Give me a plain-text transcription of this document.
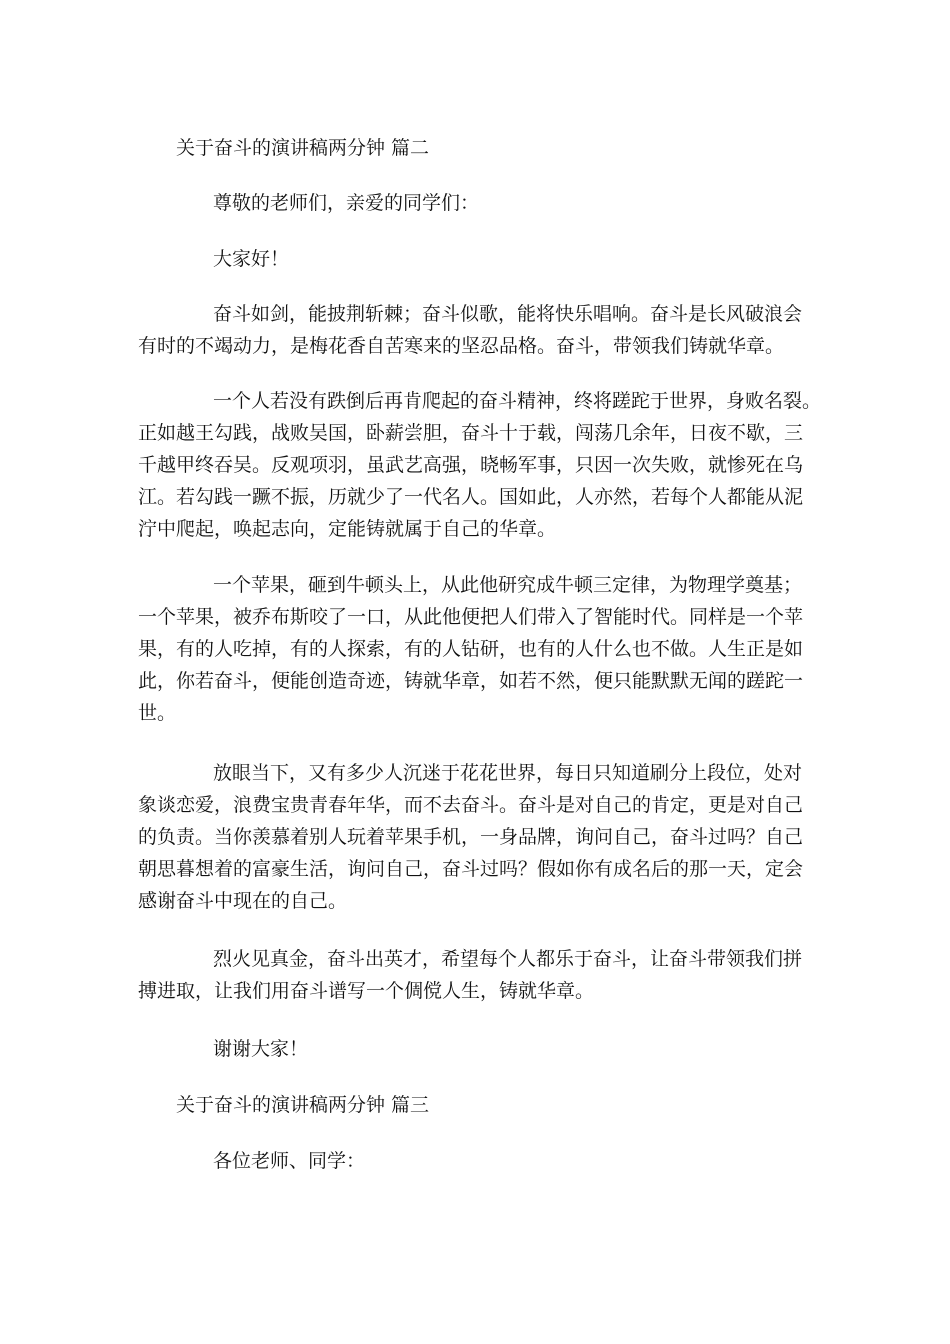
关于奋斗的演讲稿两分钟 篇二

尊敬的老师们，亲爱的同学们：

大家好！

奋斗如剑，能披荆斩棘；奋斗似歌，能将快乐唱响。奋斗是长风破浪会

有时的不竭动力，是梅花香自苦寒来的坚忍品格。奋斗，带领我们铸就华章。

一个人若没有跌倒后再肯爬起的奋斗精神，终将蹉跎于世界，身败名裂。

正如越王勾践，战败吴国，卧薪尝胆，奋斗十于载，闯荡几余年，日夜不歇，三

千越甲终吞吴。反观项羽，虽武艺高强，晓畅军事，只因一次失败，就惨死在乌

江。若勾践一蹶不振，历就少了一代名人。国如此，人亦然，若每个人都能从泥

泞中爬起，唤起志向，定能铸就属于自己的华章。

一个苹果，砸到牛顿头上，从此他研究成牛顿三定律，为物理学奠基；

一个苹果，被乔布斯咬了一口，从此他便把人们带入了智能时代。同样是一个苹

果，有的人吃掉，有的人探索，有的人钻研，也有的人什么也不做。人生正是如

此，你若奋斗，便能创造奇迹，铸就华章，如若不然，便只能默默无闻的蹉跎一

世。

放眼当下，又有多少人沉迷于花花世界，每日只知道刷分上段位，处对

象谈恋爱，浪费宝贵青春年华，而不去奋斗。奋斗是对自己的肯定，更是对自己

的负责。当你羡慕着别人玩着苹果手机，一身品牌，询问自己，奋斗过吗？自己

朝思暮想着的富豪生活，询问自己，奋斗过吗？假如你有成名后的那一天，定会

感谢奋斗中现在的自己。

烈火见真金，奋斗出英才，希望每个人都乐于奋斗，让奋斗带领我们拼

搏进取，让我们用奋斗谱写一个倜傥人生，铸就华章。

谢谢大家！

关于奋斗的演讲稿两分钟 篇三

各位老师、同学：
